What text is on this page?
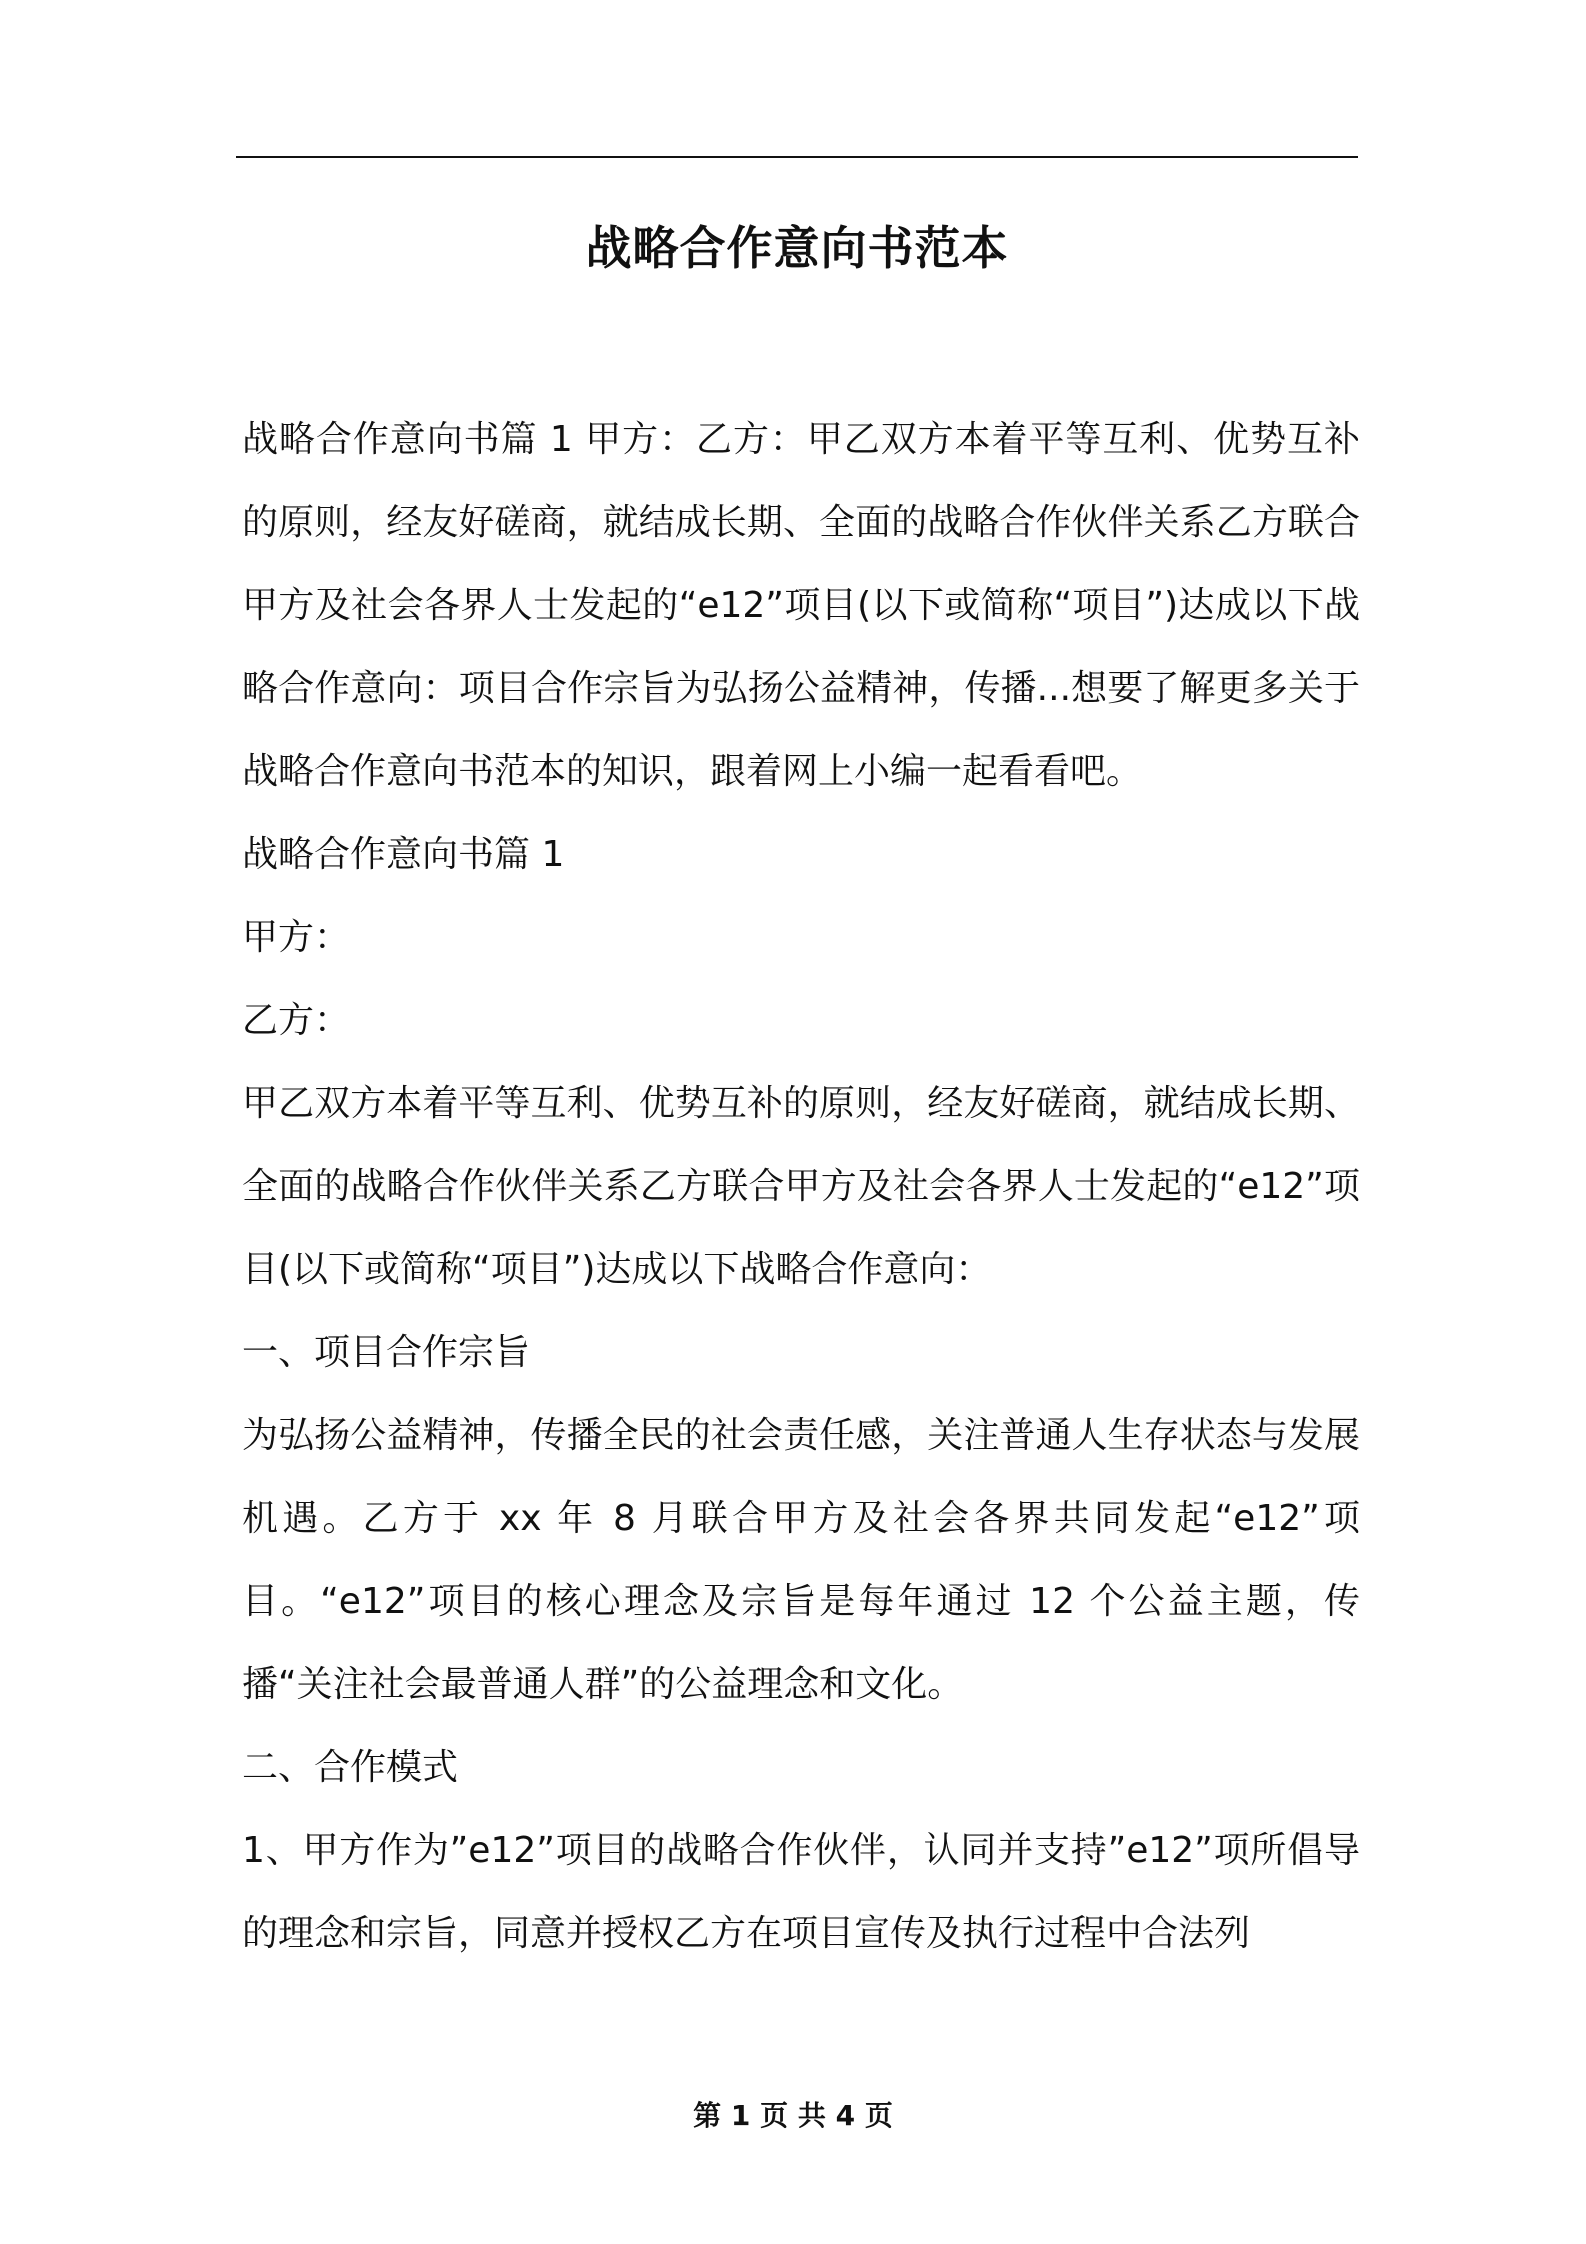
战略合作意向书范本

战略合作意向书篇 1 甲方：乙方：甲乙双方本着平等互利、优势互补的原则，经友好磋商，就结成长期、全面的战略合作伙伴关系乙方联合甲方及社会各界人士发起的“e12”项目(以下或简称“项目”)达成以下战略合作意向：项目合作宗旨为弘扬公益精神，传播...想要了解更多关于战略合作意向书范本的知识，跟着网上小编一起看看吧。

战略合作意向书篇 1

甲方：

乙方：

甲乙双方本着平等互利、优势互补的原则，经友好磋商，就结成长期、全面的战略合作伙伴关系乙方联合甲方及社会各界人士发起的“e12”项目(以下或简称“项目”)达成以下战略合作意向：

一、项目合作宗旨

为弘扬公益精神，传播全民的社会责任感，关注普通人生存状态与发展机遇。乙方于 xx 年 8 月联合甲方及社会各界共同发起“e12”项目。“e12”项目的核心理念及宗旨是每年通过 12 个公益主题，传播“关注社会最普通人群”的公益理念和文化。

二、合作模式

1、甲方作为”e12”项目的战略合作伙伴，认同并支持”e12”项所倡导的理念和宗旨，同意并授权乙方在项目宣传及执行过程中合法列

第 1 页 共 4 页
